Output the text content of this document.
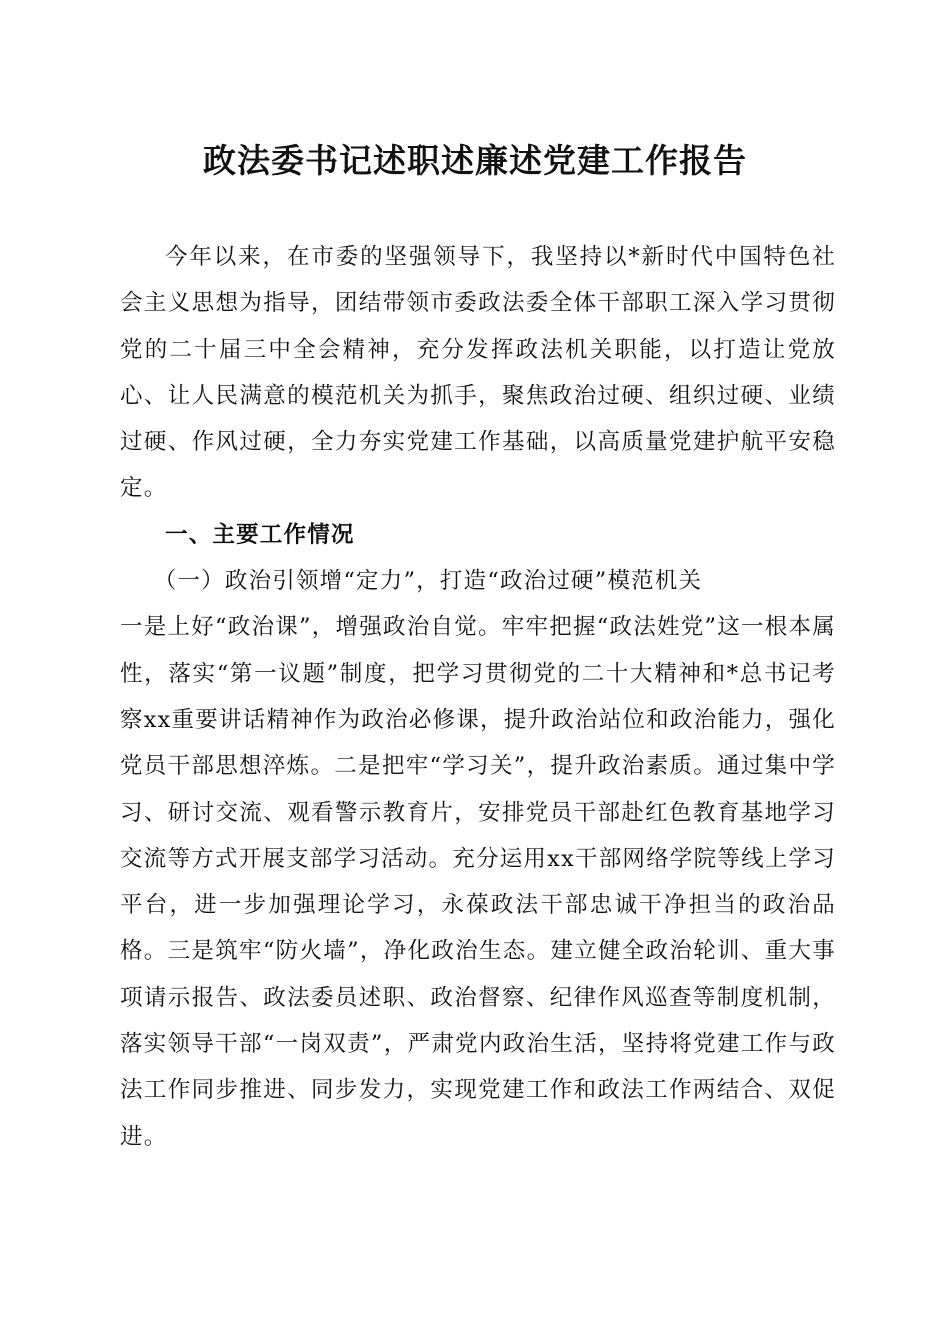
政法委书记述职述廉述党建工作报告

今年以来，在市委的坚强领导下，我坚持以*新时代中国特色社会主义思想为指导，团结带领市委政法委全体干部职工深入学习贯彻党的二十届三中全会精神，充分发挥政法机关职能，以打造让党放心、让人民满意的模范机关为抓手，聚焦政治过硬、组织过硬、业绩过硬、作风过硬，全力夯实党建工作基础，以高质量党建护航平安稳定。

一、主要工作情况

（一）政治引领增“定力”，打造“政治过硬”模范机关

一是上好“政治课”，增强政治自觉。牢牢把握“政法姓党”这一根本属性，落实“第一议题”制度，把学习贯彻党的二十大精神和*总书记考察xx重要讲话精神作为政治必修课，提升政治站位和政治能力，强化党员干部思想淬炼。二是把牢“学习关”，提升政治素质。通过集中学习、研讨交流、观看警示教育片，安排党员干部赴红色教育基地学习交流等方式开展支部学习活动。充分运用xx干部网络学院等线上学习平台，进一步加强理论学习，永葆政法干部忠诚干净担当的政治品格。三是筑牢“防火墙”，净化政治生态。建立健全政治轮训、重大事项请示报告、政法委员述职、政治督察、纪律作风巡查等制度机制，落实领导干部“一岗双责”，严肃党内政治生活，坚持将党建工作与政法工作同步推进、同步发力，实现党建工作和政法工作两结合、双促进。
